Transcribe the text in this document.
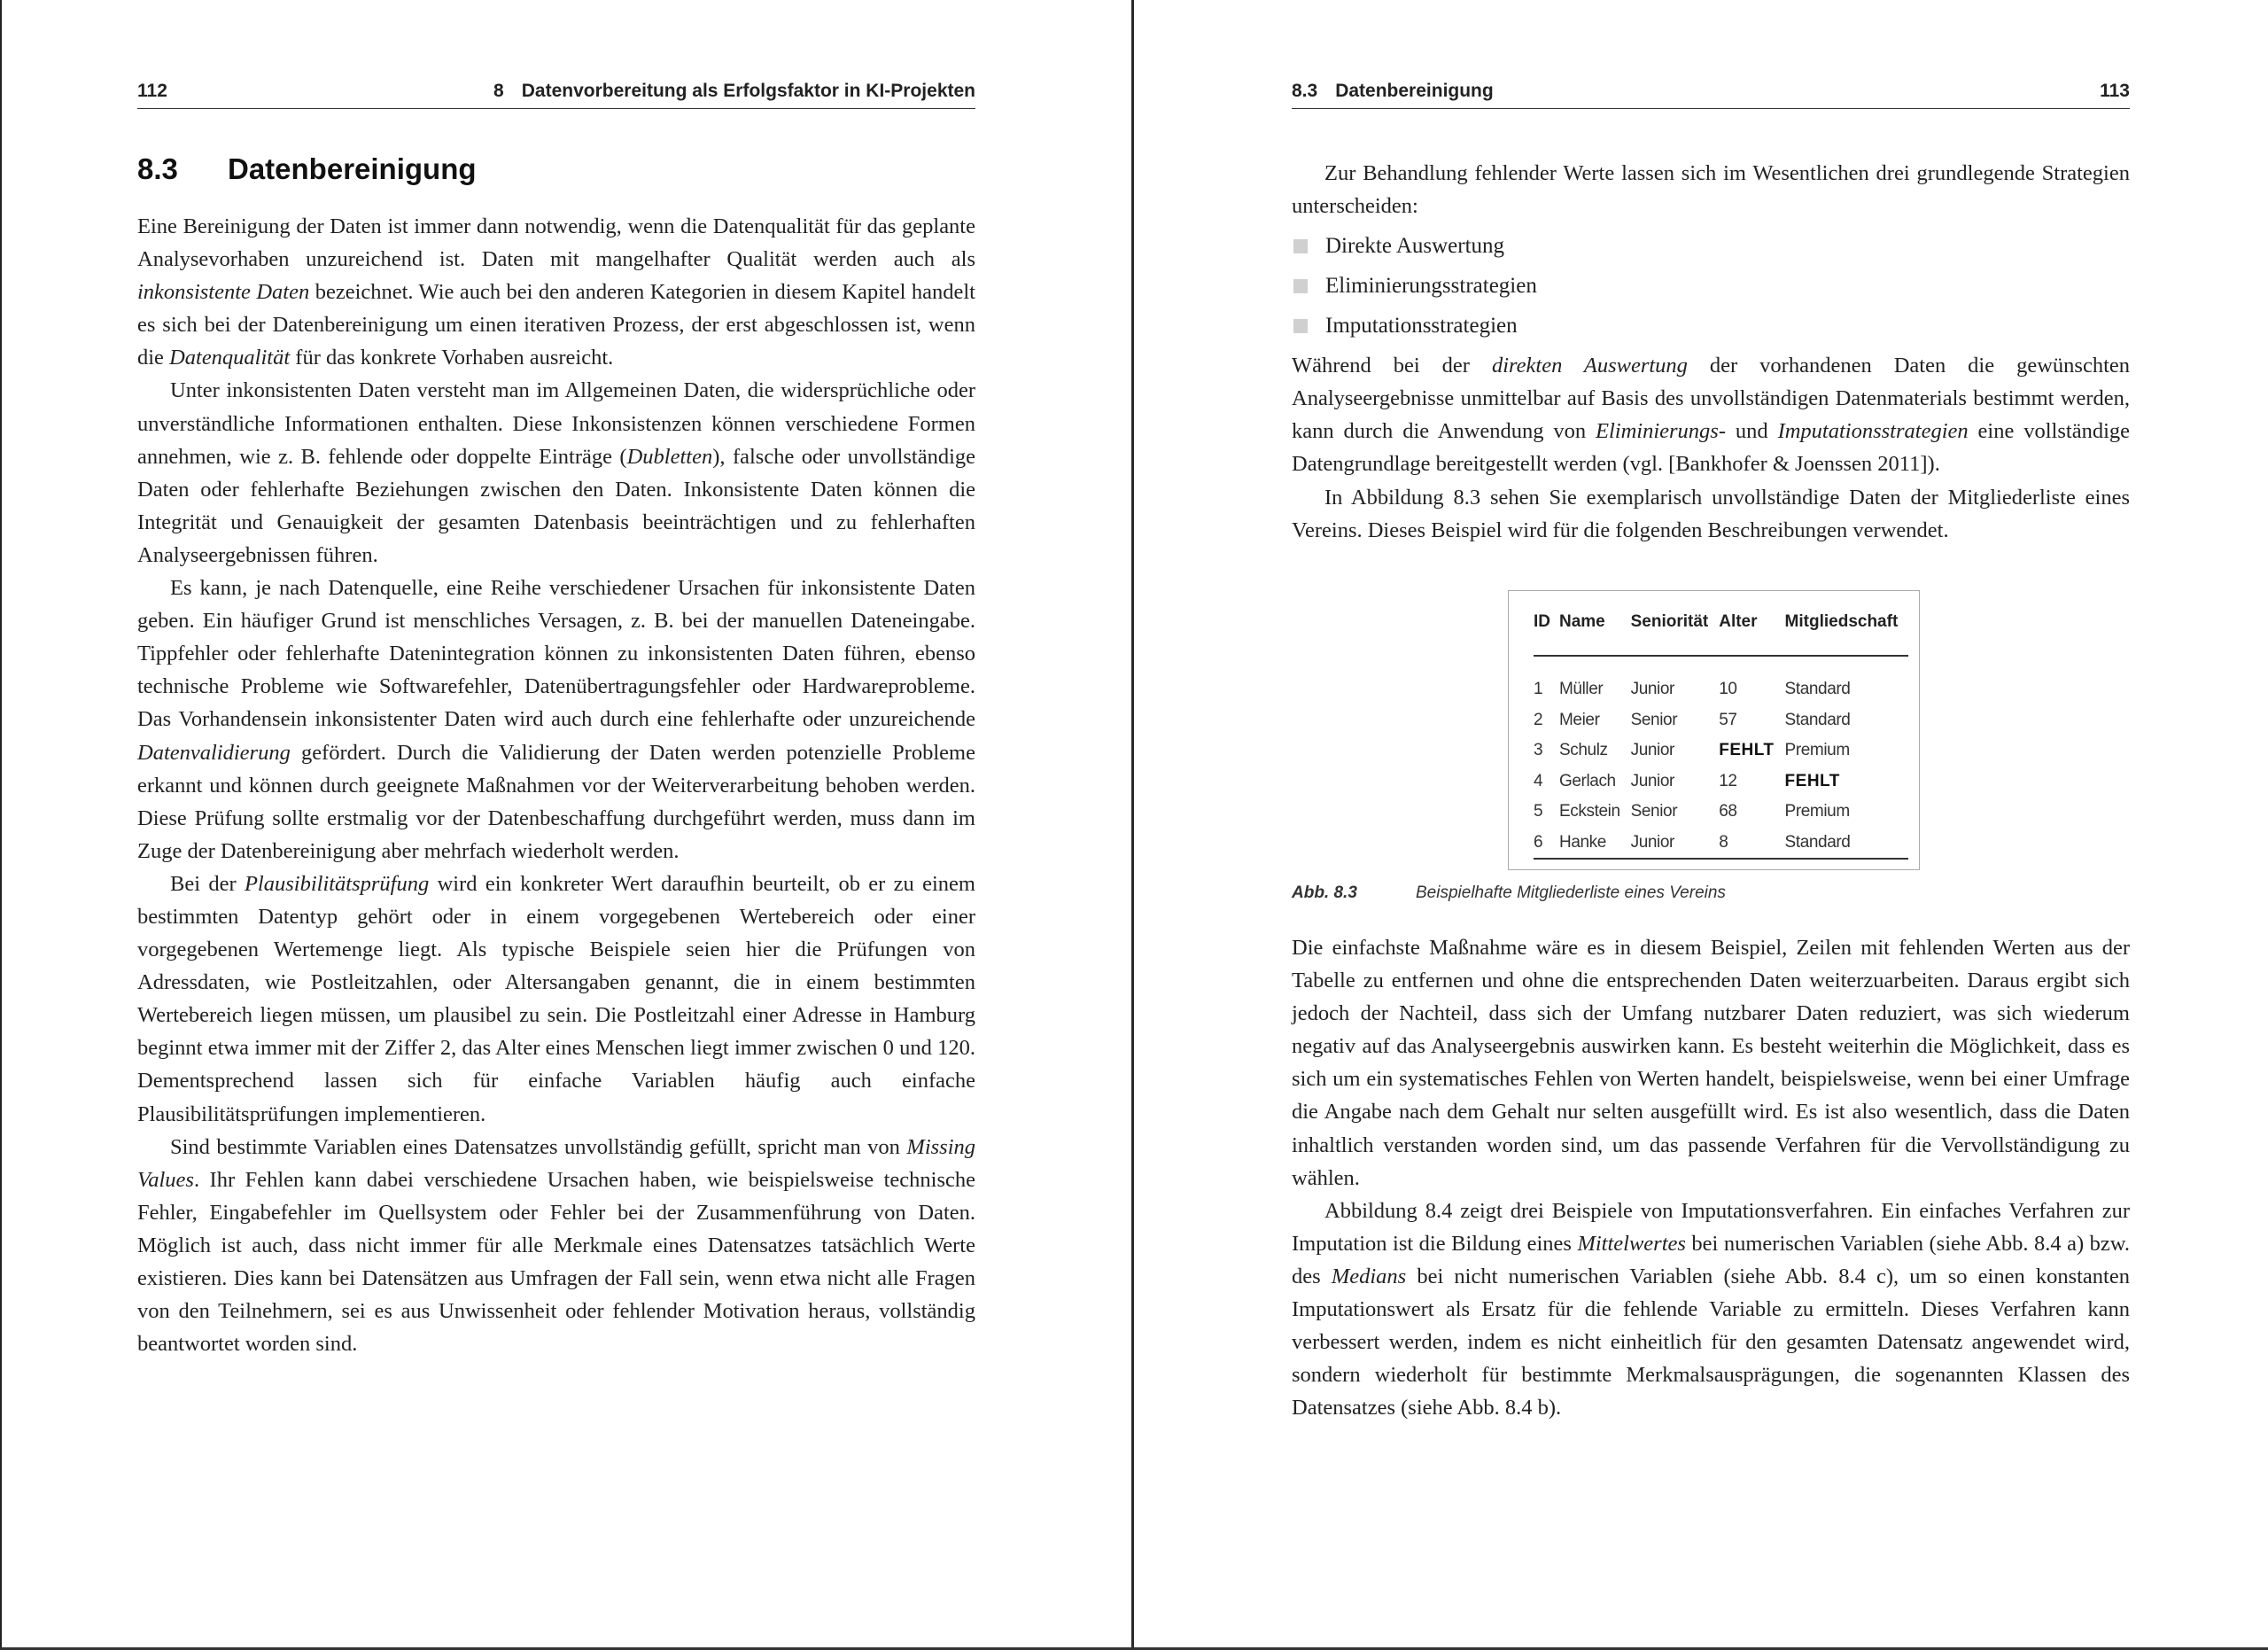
112	8 Datenvorbereitung als Erfolgsfaktor in KI-Projekten
8.3 Datenbereinigung

Eine Bereinigung der Daten ist immer dann notwendig, wenn die Datenqualität für das geplante Analysevorhaben unzureichend ist. Daten mit mangelhafter Qualität werden auch als inkonsistente Daten bezeichnet. Wie auch bei den anderen Kategorien in diesem Kapitel handelt es sich bei der Datenbereinigung um einen iterativen Prozess, der erst abgeschlossen ist, wenn die Datenqualität für das konkrete Vorhaben ausreicht.

Unter inkonsistenten Daten versteht man im Allgemeinen Daten, die widersprüchliche oder unverständliche Informationen enthalten. Diese Inkonsistenzen können verschiedene Formen annehmen, wie z. B. fehlende oder doppelte Einträge (Dubletten), falsche oder unvollständige Daten oder fehlerhafte Beziehungen zwischen den Daten. Inkonsistente Daten können die Integrität und Genauigkeit der gesamten Datenbasis beeinträchtigen und zu fehlerhaften Analyseergebnissen führen.

Es kann, je nach Datenquelle, eine Reihe verschiedener Ursachen für inkonsistente Daten geben. Ein häufiger Grund ist menschliches Versagen, z. B. bei der manuellen Dateneingabe. Tippfehler oder fehlerhafte Datenintegration können zu inkonsistenten Daten führen, ebenso technische Probleme wie Softwarefehler, Datenübertragungsfehler oder Hardwareprobleme. Das Vorhandensein inkonsistenter Daten wird auch durch eine fehlerhafte oder unzureichende Datenvalidierung gefördert. Durch die Validierung der Daten werden potenzielle Probleme erkannt und können durch geeignete Maßnahmen vor der Weiterverarbeitung behoben werden. Diese Prüfung sollte erstmalig vor der Datenbeschaffung durchgeführt werden, muss dann im Zuge der Datenbereinigung aber mehrfach wiederholt werden.

Bei der Plausibilitätsprüfung wird ein konkreter Wert daraufhin beurteilt, ob er zu einem bestimmten Datentyp gehört oder in einem vorgegebenen Wertebereich oder einer vorgegebenen Wertemenge liegt. Als typische Beispiele seien hier die Prüfungen von Adressdaten, wie Postleitzahlen, oder Altersangaben genannt, die in einem bestimmten Wertebereich liegen müssen, um plausibel zu sein. Die Postleitzahl einer Adresse in Hamburg beginnt etwa immer mit der Ziffer 2, das Alter eines Menschen liegt immer zwischen 0 und 120. Dementsprechend lassen sich für einfache Variablen häufig auch einfache Plausibilitätsprüfungen implementieren.

Sind bestimmte Variablen eines Datensatzes unvollständig gefüllt, spricht man von Missing Values. Ihr Fehlen kann dabei verschiedene Ursachen haben, wie beispielsweise technische Fehler, Eingabefehler im Quellsystem oder Fehler bei der Zusammenführung von Daten. Möglich ist auch, dass nicht immer für alle Merkmale eines Datensatzes tatsächlich Werte existieren. Dies kann bei Datensätzen aus Umfragen der Fall sein, wenn etwa nicht alle Fragen von den Teilnehmern, sei es aus Unwissenheit oder fehlender Motivation heraus, vollständig beantwortet worden sind.

8.3 Datenbereinigung	113

Zur Behandlung fehlender Werte lassen sich im Wesentlichen drei grundlegende Strategien unterscheiden:

Direkte Auswertung
Eliminierungsstrategien
Imputationsstrategien

Während bei der direkten Auswertung der vorhandenen Daten die gewünschten Analyseergebnisse unmittelbar auf Basis des unvollständigen Datenmaterials bestimmt werden, kann durch die Anwendung von Eliminierungs- und Imputationsstrategien eine vollständige Datengrundlage bereitgestellt werden (vgl. [Bankhofer & Joenssen 2011]).

In Abbildung 8.3 sehen Sie exemplarisch unvollständige Daten der Mitgliederliste eines Vereins. Dieses Beispiel wird für die folgenden Beschreibungen verwendet.

ID	Name	Seniorität	Alter	Mitgliedschaft
1	Müller	Junior	10	Standard
2	Meier	Senior	57	Standard
3	Schulz	Junior	FEHLT	Premium
4	Gerlach	Junior	12	FEHLT
5	Eckstein	Senior	68	Premium
6	Hanke	Junior	8	Standard
Abb. 8.3	Beispielhafte Mitgliederliste eines Vereins

Die einfachste Maßnahme wäre es in diesem Beispiel, Zeilen mit fehlenden Werten aus der Tabelle zu entfernen und ohne die entsprechenden Daten weiterzuarbeiten. Daraus ergibt sich jedoch der Nachteil, dass sich der Umfang nutzbarer Daten reduziert, was sich wiederum negativ auf das Analyseergebnis auswirken kann. Es besteht weiterhin die Möglichkeit, dass es sich um ein systematisches Fehlen von Werten handelt, beispielsweise, wenn bei einer Umfrage die Angabe nach dem Gehalt nur selten ausgefüllt wird. Es ist also wesentlich, dass die Daten inhaltlich verstanden worden sind, um das passende Verfahren für die Vervollständigung zu wählen.

Abbildung 8.4 zeigt drei Beispiele von Imputationsverfahren. Ein einfaches Verfahren zur Imputation ist die Bildung eines Mittelwertes bei numerischen Variablen (siehe Abb. 8.4 a) bzw. des Medians bei nicht numerischen Variablen (siehe Abb. 8.4 c), um so einen konstanten Imputationswert als Ersatz für die fehlende Variable zu ermitteln. Dieses Verfahren kann verbessert werden, indem es nicht einheitlich für den gesamten Datensatz angewendet wird, sondern wiederholt für bestimmte Merkmalsausprägungen, die sogenannten Klassen des Datensatzes (siehe Abb. 8.4 b).
